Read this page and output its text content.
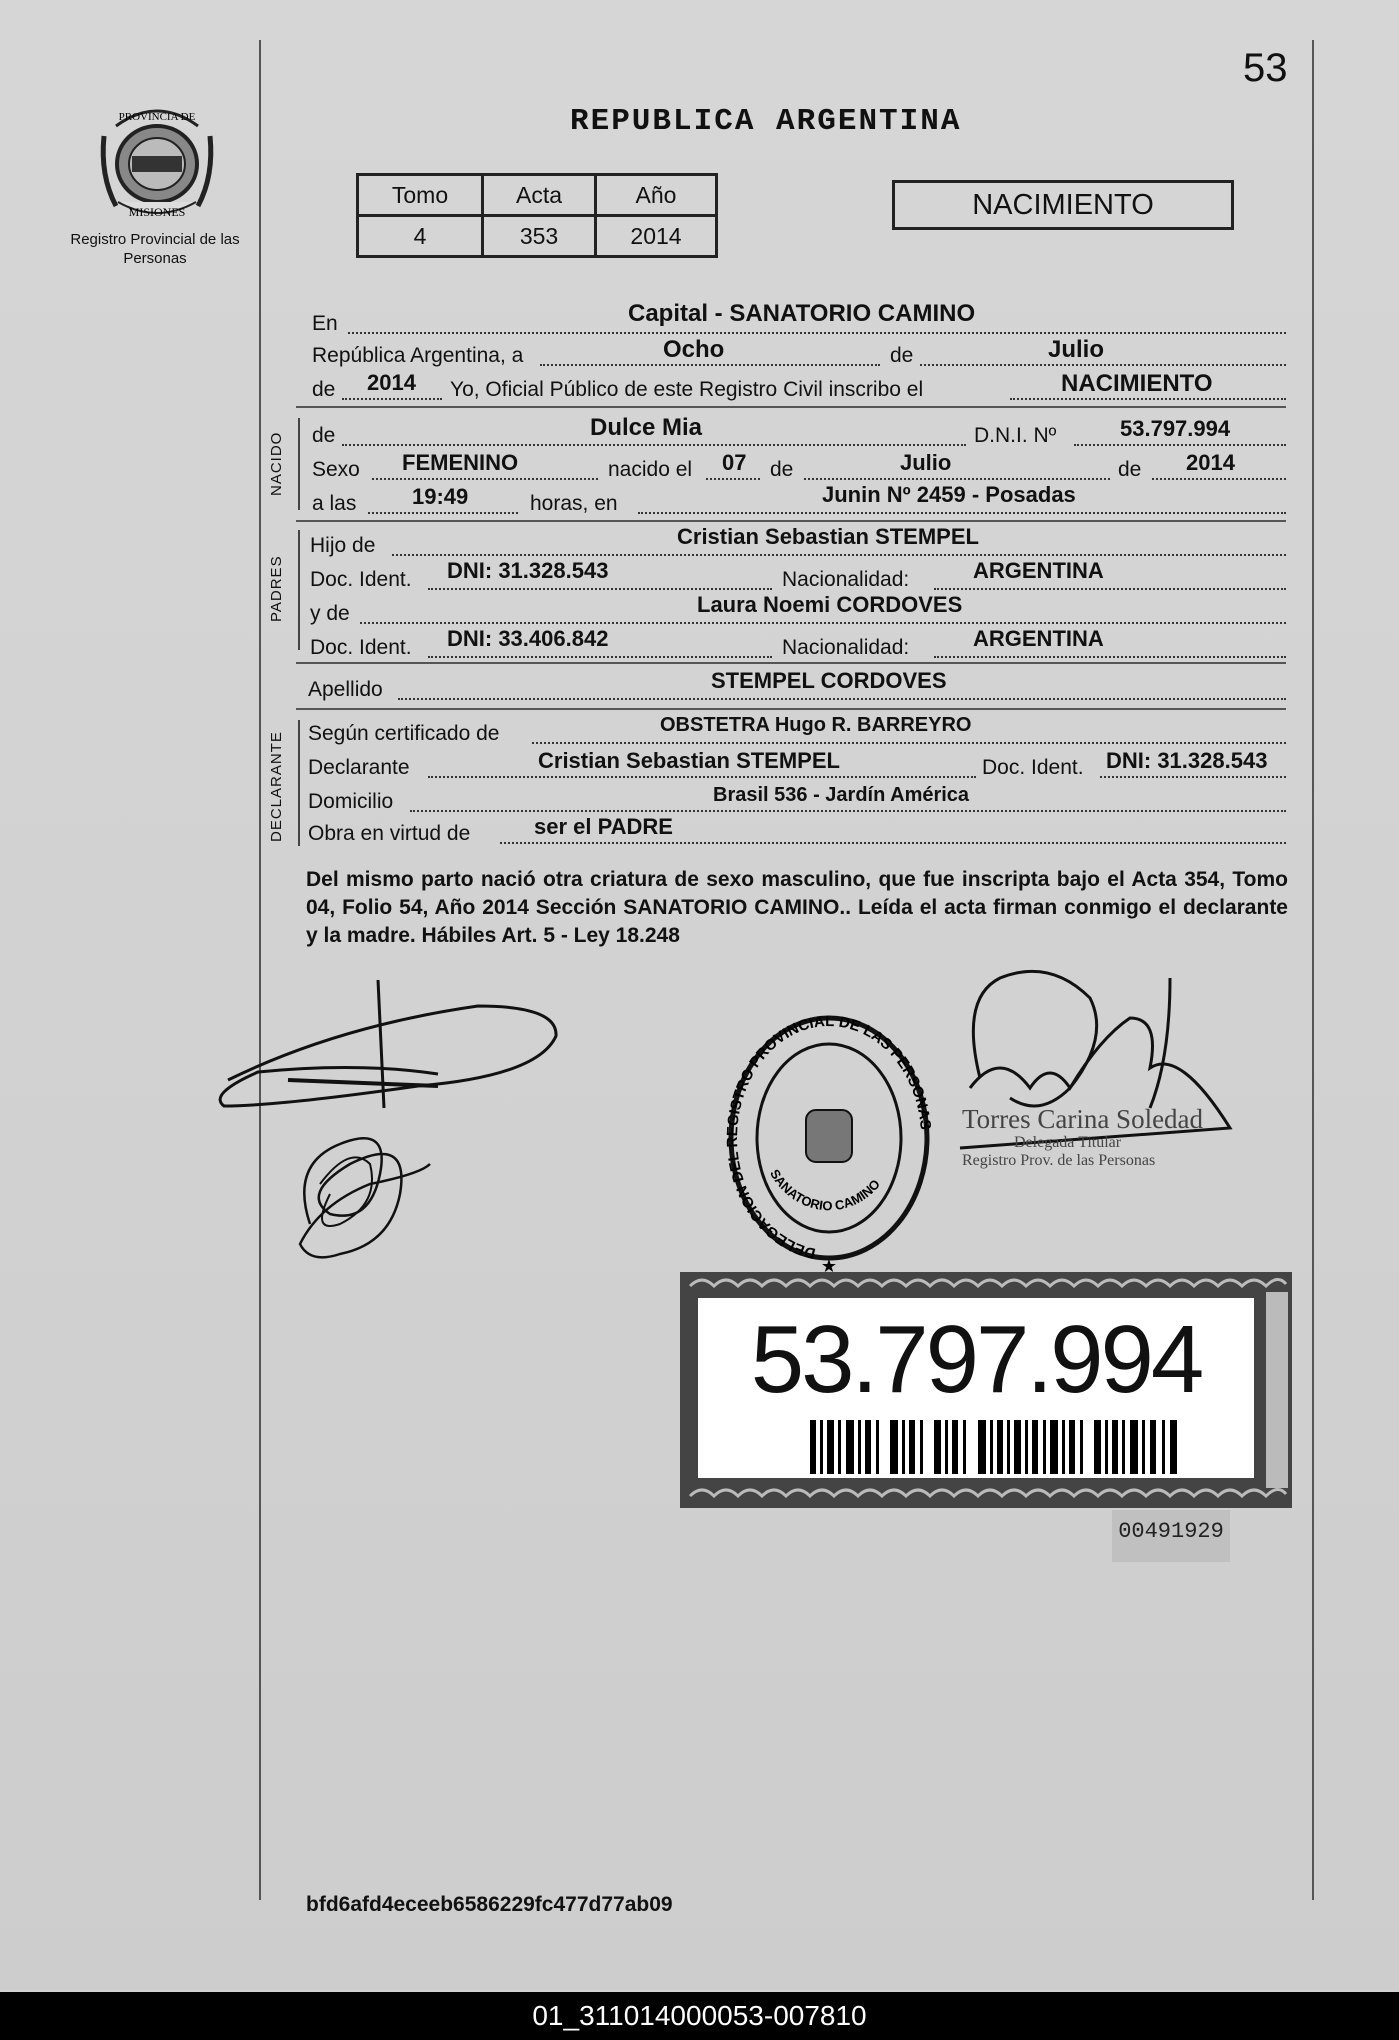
53
REPUBLICA ARGENTINA
PROVINCIA DE
MISIONES
Registro Provincial de las Personas
Tomo	Acta	Año
4	353	2014
NACIMIENTO
En	Capital - SANATORIO CAMINO
República Argentina, a	Ocho	de	Julio
de 2014 Yo, Oficial Público de este Registro Civil inscribo el	NACIMIENTO
NACIDO de	Dulce Mia	D.N.I. Nº	53.797.994
Sexo FEMENINO	nacido el 07 de	Julio	de 2014
a las	19:49	horas, en	Junin Nº 2459 - Posadas
PADRES
Hijo de	Cristian Sebastian STEMPEL
Doc. Ident. DNI: 31.328.543	Nacionalidad:	ARGENTINA
y de	Laura Noemi CORDOVES
Doc. Ident. DNI: 33.406.842	Nacionalidad:	ARGENTINA
Apellido	STEMPEL CORDOVES
DECLARANTE Según certificado de	OBSTETRA Hugo R. BARREYRO
Declarante	Cristian Sebastian STEMPEL	Doc. Ident. DNI: 31.328.543
Domicilio	Brasil 536 - Jardín América
Obra en virtud de	ser el PADRE
Del mismo parto nació otra criatura de sexo masculino, que fue inscripta bajo el Acta 354, Tomo 04, Folio 54, Año 2014 Sección SANATORIO CAMINO.. Leída el acta firman conmigo el declarante y la madre. Hábiles Art. 5 - Ley 18.248
DELEGACION DEL REGISTRO PROVINCIAL DE LAS PERSONAS
SANATORIO CAMINO
★
Torres Carina Soledad
Delegada Titular
Registro Prov. de las Personas
53.797.994
00491929
bfd6afd4eceeb6586229fc477d77ab09
01_311014000053-007810
